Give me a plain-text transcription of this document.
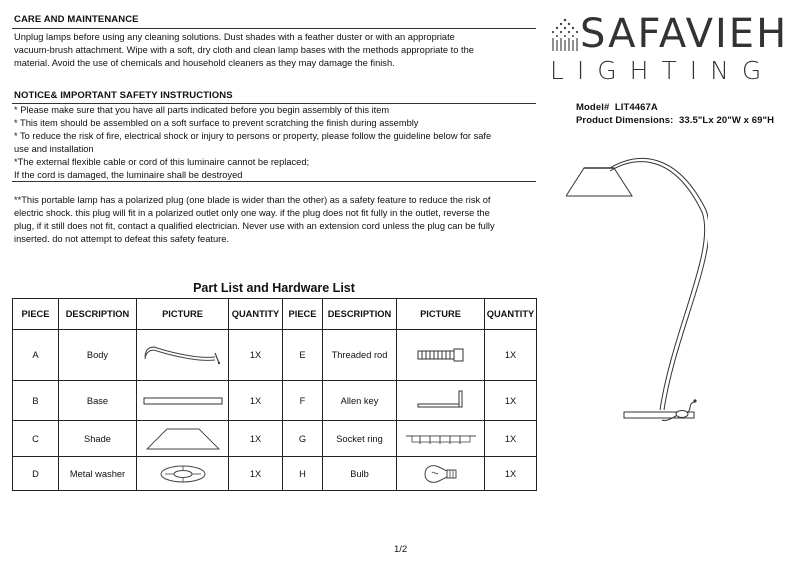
CARE AND MAINTENANCE
Unplug lamps before using any cleaning solutions. Dust shades with a feather duster or with an appropriate
vacuum-brush attachment. Wipe with a soft, dry cloth and clean lamp bases with the methods appropriate to the
material. Avoid the use of chemicals and household cleaners as they may damage the finish.
NOTICE& IMPORTANT SAFETY INSTRUCTIONS
* Please make sure that you have all parts indicated before you begin assembly of this item
* This item should be assembled on a soft surface to prevent scratching the finish during assembly
* To reduce the risk of fire, electrical shock or injury to persons or property, please follow the guideline below for safe
use and installation
*The external flexible cable or cord of this luminaire cannot be replaced;
If the cord is damaged, the luminaire shall be destroyed
**This portable lamp has a polarized plug (one blade is wider than the other) as a safety feature to reduce the risk of
electric shock. this plug will fit in a polarized outlet only one way. if the plug does not fit fully in the outlet, reverse the
plug, if it still does not fit, contact a qualified electrician. Never use with an extension cord unless the plug can be fully
inserted. do not attempt to defeat this safety feature.
SAFAVIEH
LIGHTING
Model# LIT4467A
Product Dimensions: 33.5"Lx 20"W x 69"H
Part List and Hardware List
PIECE	DESCRIPTION	PICTURE	QUANTITY	PIECE	DESCRIPTION	PICTURE	QUANTITY
A	Body		1X	E	Threaded rod		1X
B	Base		1X	F	Allen key		1X
C	Shade		1X	G	Socket ring		1X
D	Metal washer		1X	H	Bulb		1X
1/2
